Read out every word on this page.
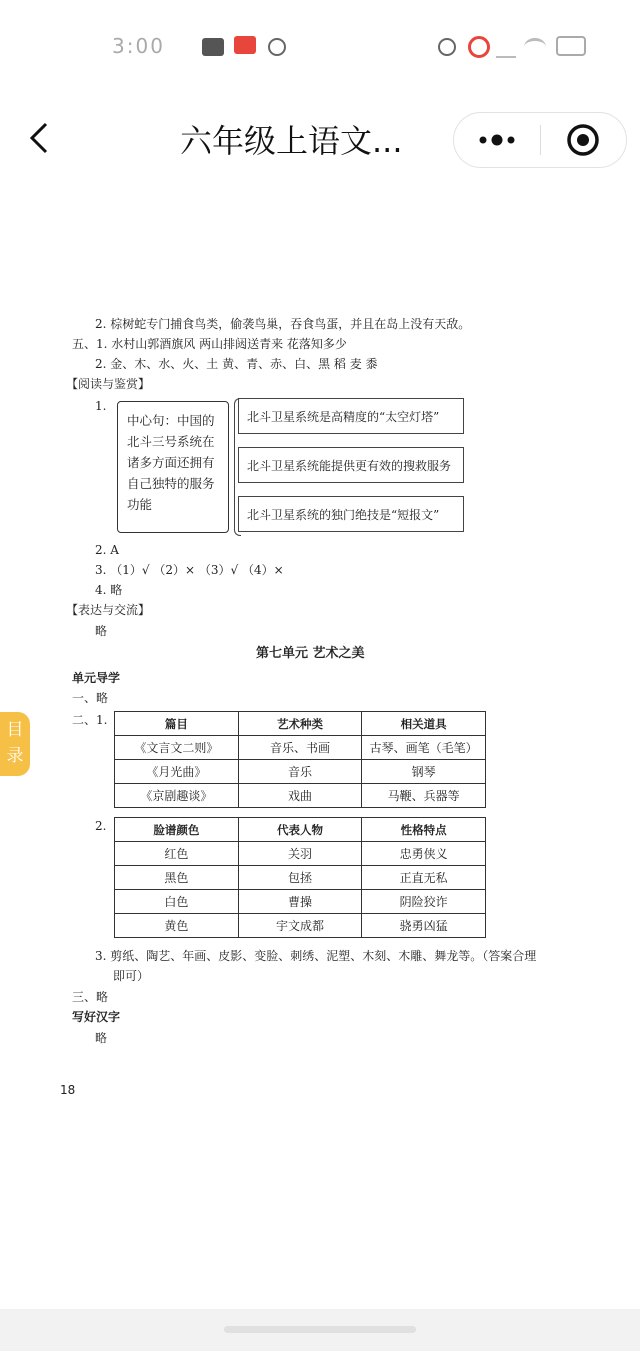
3:00
六年级上语文...
2. 棕树蛇专门捕食鸟类，偷袭鸟巢，吞食鸟蛋，并且在岛上没有天敌。
五、1. 水村山郭酒旗风 两山排闼送青来 花落知多少
2. 金、木、水、火、土 黄、青、赤、白、黑 稻 麦 黍
【阅读与鉴赏】
1.
中心句：中国的北斗三号系统在诸多方面还拥有自己独特的服务功能
北斗卫星系统是高精度的“太空灯塔”
北斗卫星系统能提供更有效的搜救服务
北斗卫星系统的独门绝技是“短报文”
2. A
3. （1）√ （2）× （3）√ （4）×
4. 略
【表达与交流】
略
第七单元 艺术之美
单元导学
一、略
二、1.	篇目	艺术种类	相关道具
《文言文二则》	音乐、书画	古琴、画笔（毛笔）
《月光曲》	音乐	钢琴
《京剧趣谈》	戏曲	马鞭、兵器等
2.	脸谱颜色	代表人物	性格特点
红色	关羽	忠勇侠义
黑色	包拯	正直无私
白色	曹操	阴险狡诈
黄色	宇文成都	骁勇凶猛
3. 剪纸、陶艺、年画、皮影、变脸、刺绣、泥塑、木刻、木雕、舞龙等。（答案合理
即可）
三、略
写好汉字
略
18
目
录
